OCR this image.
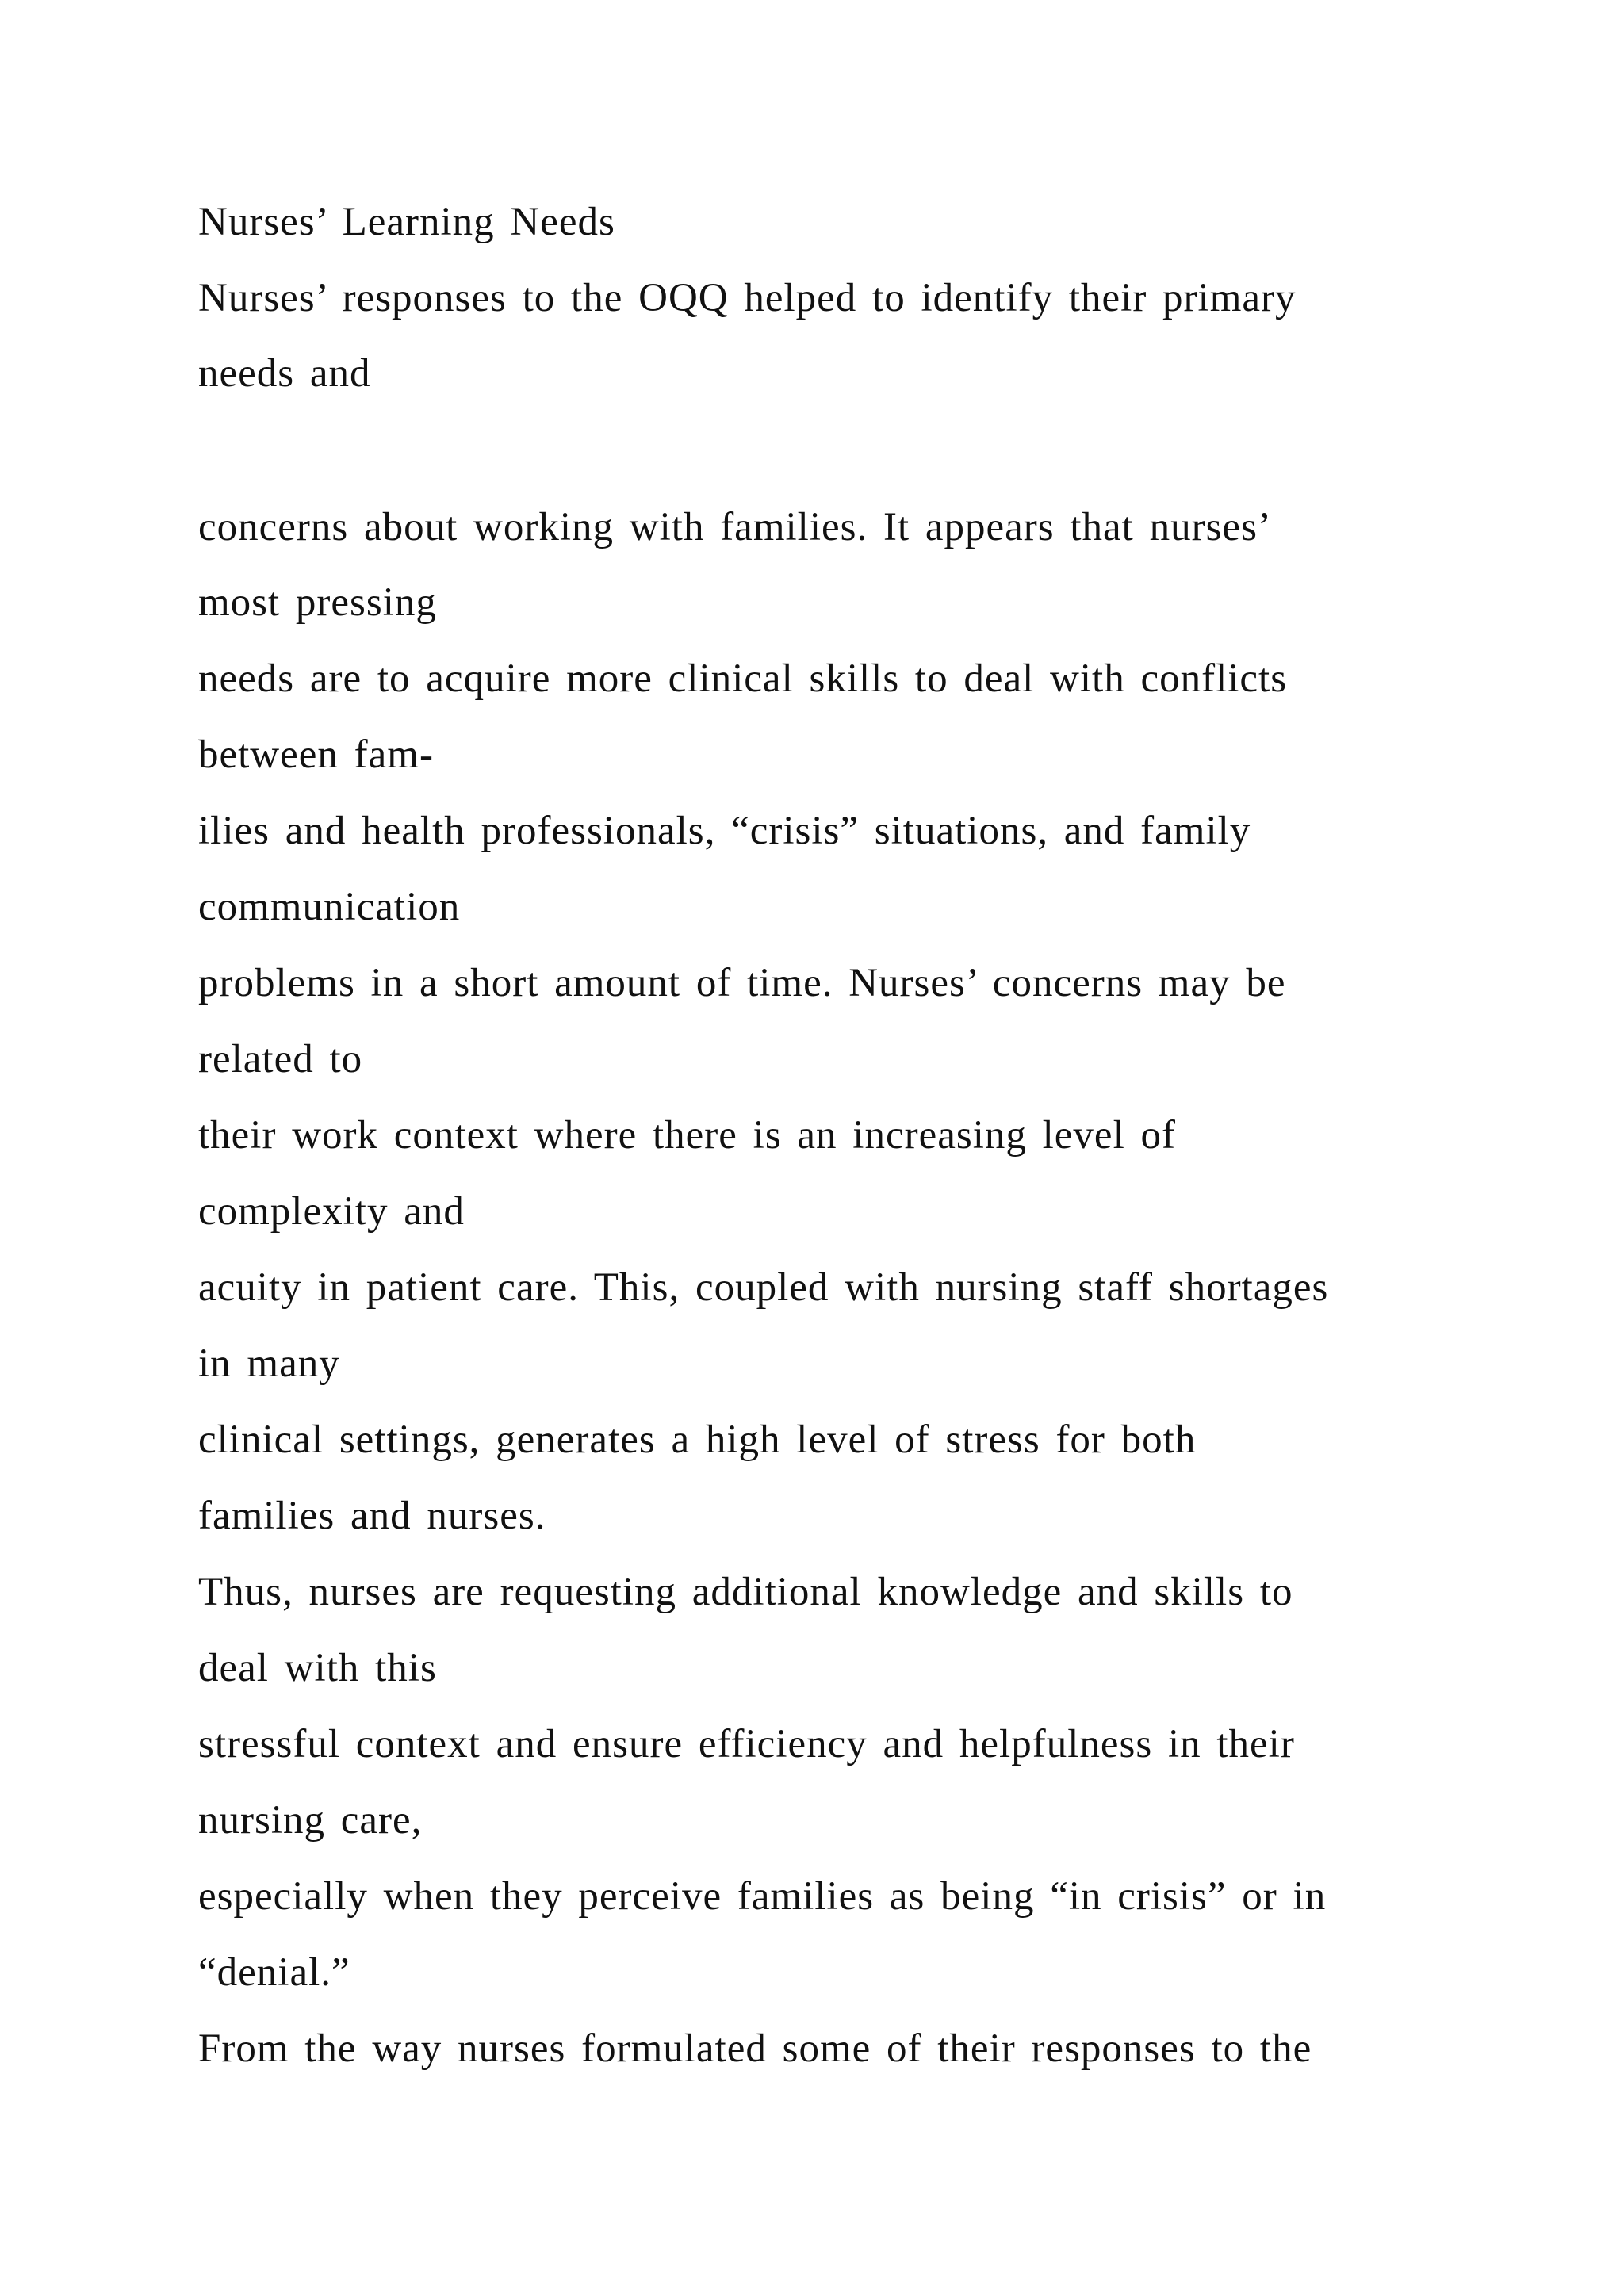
Nurses’ Learning Needs
Nurses’ responses to the OQQ helped to identify their primary
needs and
concerns about working with families. It appears that nurses’
most pressing
needs are to acquire more clinical skills to deal with conflicts
between fam-
ilies and health professionals, “crisis” situations, and family
communication
problems in a short amount of time. Nurses’ concerns may be
related to
their work context where there is an increasing level of
complexity and
acuity in patient care. This, coupled with nursing staff shortages
in many
clinical settings, generates a high level of stress for both
families and nurses.
Thus, nurses are requesting additional knowledge and skills to
deal with this
stressful context and ensure efficiency and helpfulness in their
nursing care,
especially when they perceive families as being “in crisis” or in
“denial.”
From the way nurses formulated some of their responses to the
